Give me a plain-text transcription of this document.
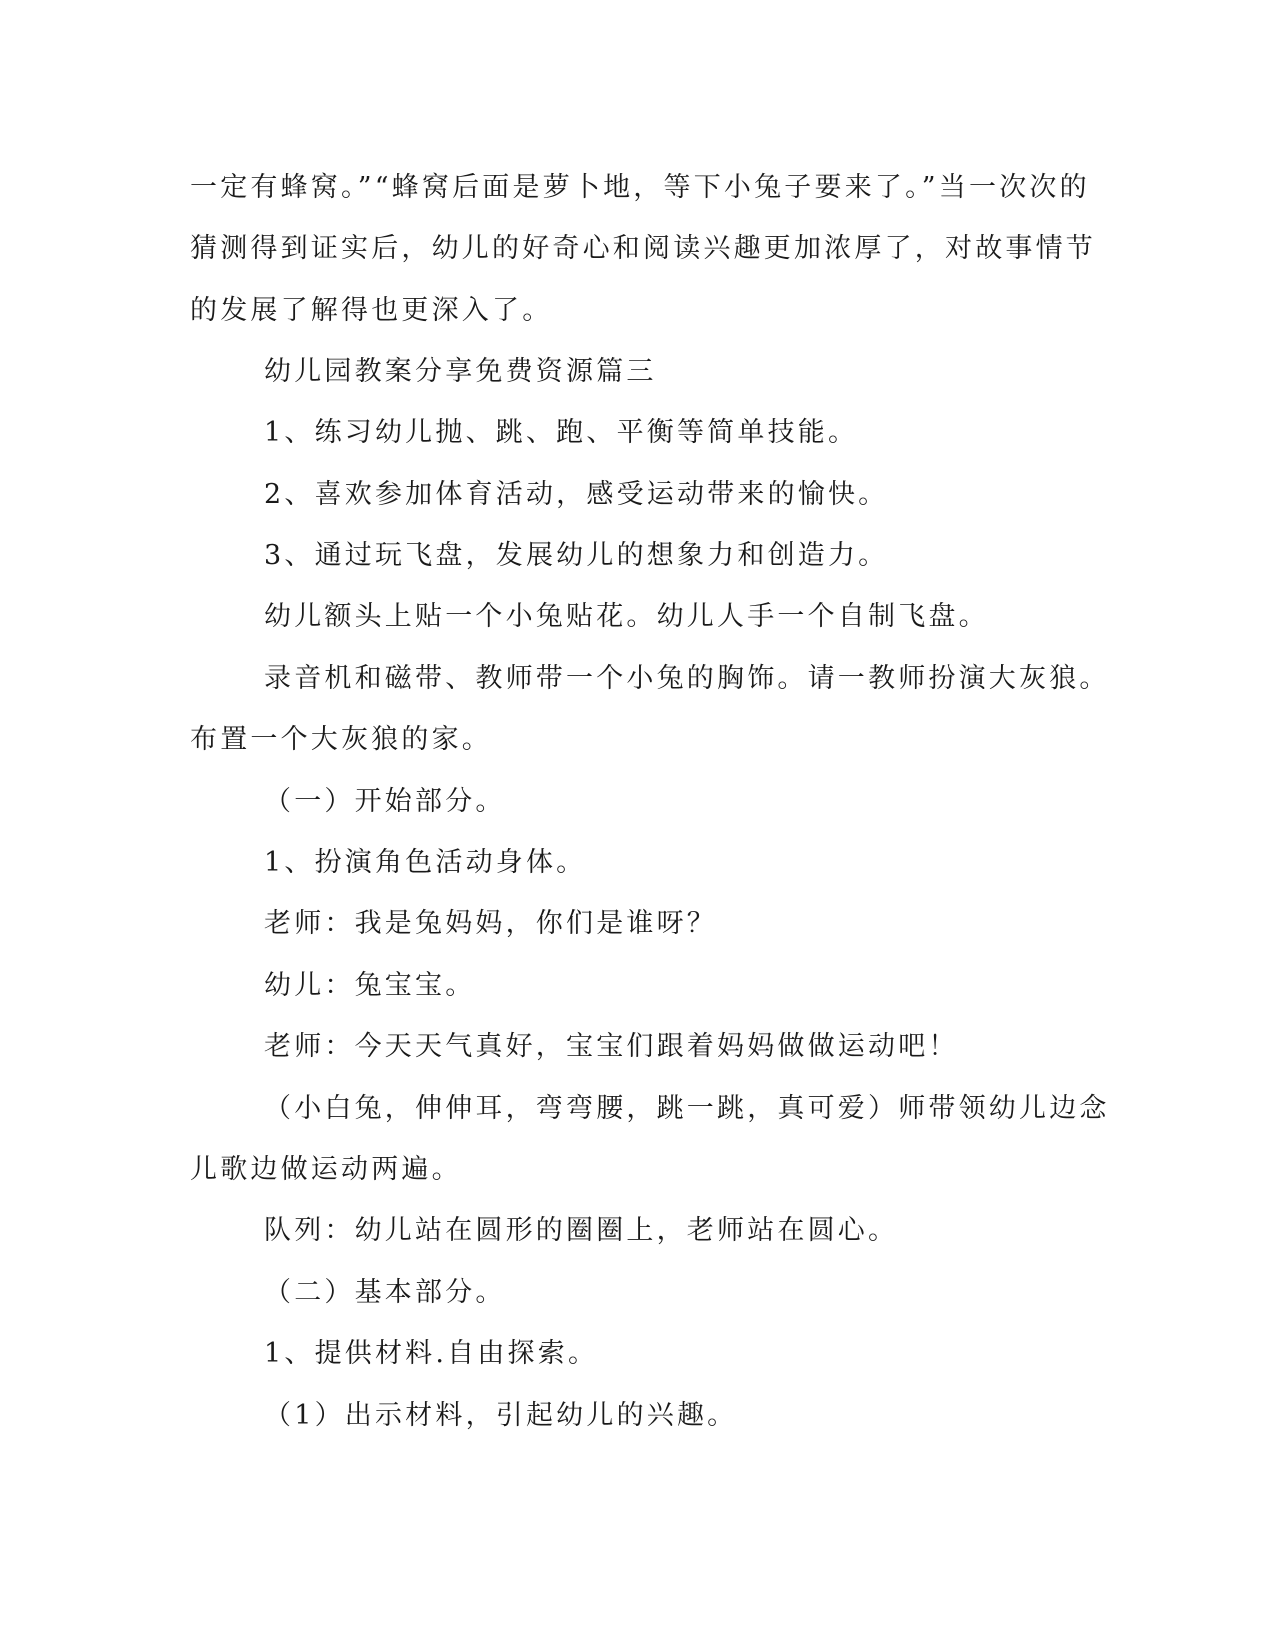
一定有蜂窝。”“蜂窝后面是萝卜地，等下小兔子要来了。”当一次次的
猜测得到证实后，幼儿的好奇心和阅读兴趣更加浓厚了，对故事情节
的发展了解得也更深入了。
幼儿园教案分享免费资源篇三
1、练习幼儿抛、跳、跑、平衡等简单技能。
2、喜欢参加体育活动，感受运动带来的愉快。
3、通过玩飞盘，发展幼儿的想象力和创造力。
幼儿额头上贴一个小兔贴花。幼儿人手一个自制飞盘。
录音机和磁带、教师带一个小兔的胸饰。请一教师扮演大灰狼。
布置一个大灰狼的家。
（一）开始部分。
1、扮演角色活动身体。
老师：我是兔妈妈，你们是谁呀？
幼儿：兔宝宝。
老师：今天天气真好，宝宝们跟着妈妈做做运动吧！
（小白兔，伸伸耳，弯弯腰，跳一跳，真可爱）师带领幼儿边念
儿歌边做运动两遍。
队列：幼儿站在圆形的圈圈上，老师站在圆心。
（二）基本部分。
1、提供材料.自由探索。
（1）出示材料，引起幼儿的兴趣。
